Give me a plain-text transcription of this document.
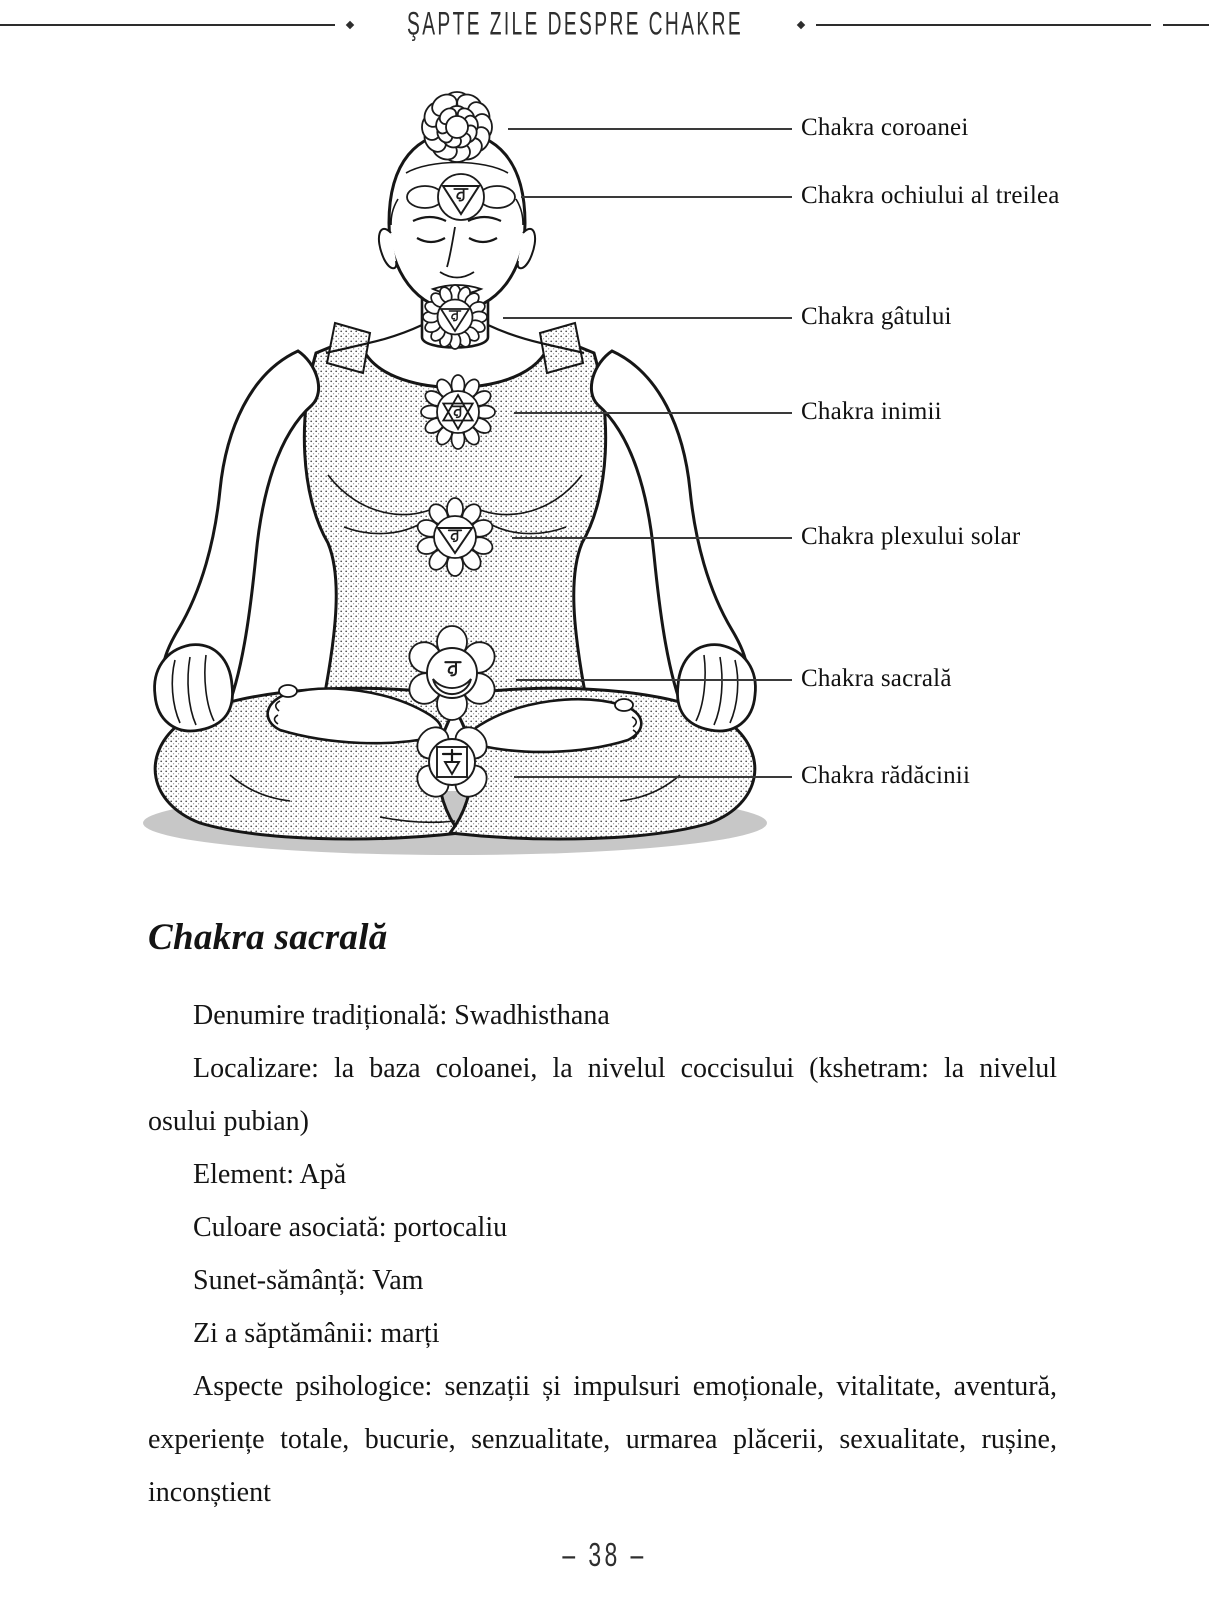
ŞAPTE ZILE DESPRE CHAKRE
Chakra coroanei
Chakra ochiului al treilea
Chakra gâtului
Chakra inimii
Chakra plexului solar
Chakra sacrală
Chakra rădăcinii
Chakra sacrală

Denumire tradițională: Swadhisthana

Localizare: la baza coloanei, la nivelul coccisului (kshetram: la nivelul osului pubian)

Element: Apă

Culoare asociată: portocaliu

Sunet-sămânță: Vam

Zi a săptămânii: marți

Aspecte psihologice: senzații și impulsuri emoționale, vitalitate, aventură, experiențe totale, bucurie, senzualitate, urmarea plăcerii, sexualitate, rușine, inconștient

– 38 –
